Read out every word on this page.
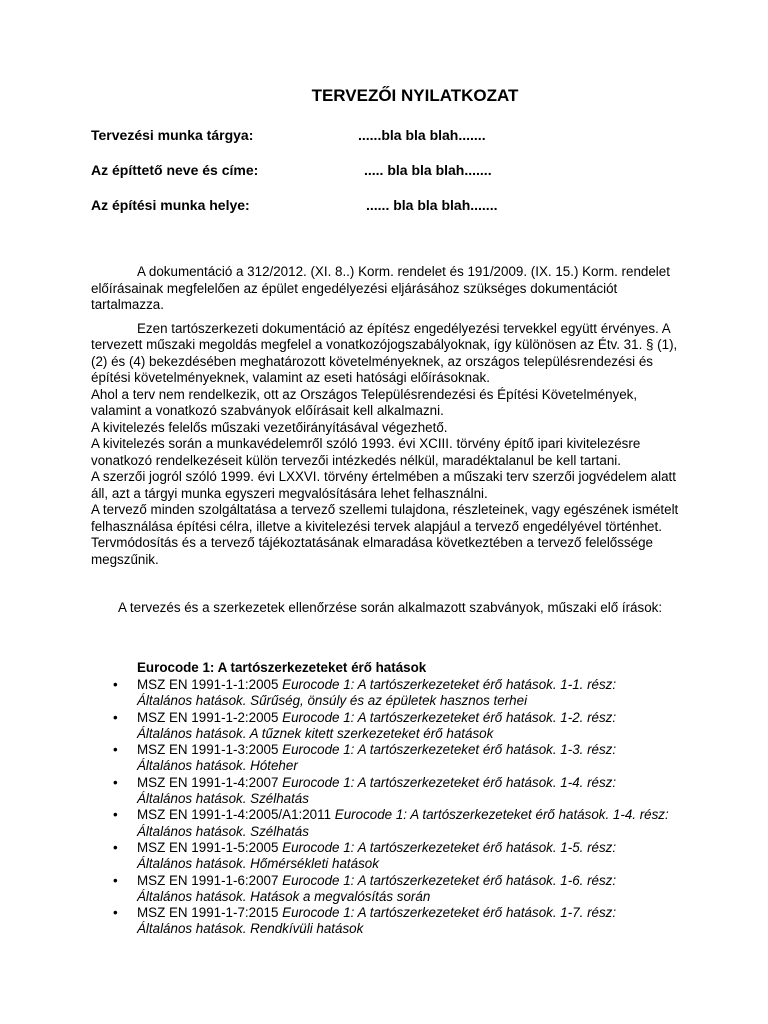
TERVEZŐI NYILATKOZAT
Tervezési munka tárgya:	......bla bla blah.......
Az építtető neve és címe:	..... bla bla blah.......
Az építési munka helye:	...... bla bla blah.......

A dokumentáció a 312/2012. (XI. 8..) Korm. rendelet és 191/2009. (IX. 15.) Korm. rendelet előírásainak megfelelően az épület engedélyezési eljárásához szükséges dokumentációt tartalmazza.

Ezen tartószerkezeti dokumentáció az építész engedélyezési tervekkel együtt érvényes. A tervezett műszaki megoldás megfelel a vonatkozójogszabályoknak, így különösen az Étv. 31. § (1),(2) és (4) bekezdésében meghatározott követelményeknek, az országos településrendezési és építési követelményeknek, valamint az eseti hatósági előírásoknak.

Ahol a terv nem rendelkezik, ott az Országos Településrendezési és Építési Követelmények, valamint a vonatkozó szabványok előírásait kell alkalmazni.

A kivitelezés felelős műszaki vezetőirányításával végezhető.

A kivitelezés során a munkavédelemről szóló 1993. évi XCIII. törvény építő ipari kivitelezésre vonatkozó rendelkezéseit külön tervezői intézkedés nélkül, maradéktalanul be kell tartani.

A szerzői jogról szóló 1999. évi LXXVI. törvény értelmében a műszaki terv szerzői jogvédelem alatt áll, azt a tárgyi munka egyszeri megvalósítására lehet felhasználni.

A tervező minden szolgáltatása a tervező szellemi tulajdona, részleteinek, vagy egészének ismételt felhasználása építési célra, illetve a kivitelezési tervek alapjául a tervező engedélyével történhet. Tervmódosítás és a tervező tájékoztatásának elmaradása következtében a tervező felelőssége megszűnik.

A tervezés és a szerkezetek ellenőrzése során alkalmazott szabványok, műszaki elő írások:

Eurocode 1: A tartószerkezeteket érő hatások

• MSZ EN 1991-1-1:2005 Eurocode 1: A tartószerkezeteket érő hatások. 1-1. rész: Általános hatások. Sűrűség, önsúly és az épületek hasznos terhei
• MSZ EN 1991-1-2:2005 Eurocode 1: A tartószerkezeteket érő hatások. 1-2. rész: Általános hatások. A tűznek kitett szerkezeteket érő hatások
• MSZ EN 1991-1-3:2005 Eurocode 1: A tartószerkezeteket érő hatások. 1-3. rész: Általános hatások. Hóteher
• MSZ EN 1991-1-4:2007 Eurocode 1: A tartószerkezeteket érő hatások. 1-4. rész: Általános hatások. Szélhatás
• MSZ EN 1991-1-4:2005/A1:2011 Eurocode 1: A tartószerkezeteket érő hatások. 1-4. rész: Általános hatások. Szélhatás
• MSZ EN 1991-1-5:2005 Eurocode 1: A tartószerkezeteket érő hatások. 1-5. rész: Általános hatások. Hőmérsékleti hatások
• MSZ EN 1991-1-6:2007 Eurocode 1: A tartószerkezeteket érő hatások. 1-6. rész: Általános hatások. Hatások a megvalósítás során
• MSZ EN 1991-1-7:2015 Eurocode 1: A tartószerkezeteket érő hatások. 1-7. rész: Általános hatások. Rendkívüli hatások
